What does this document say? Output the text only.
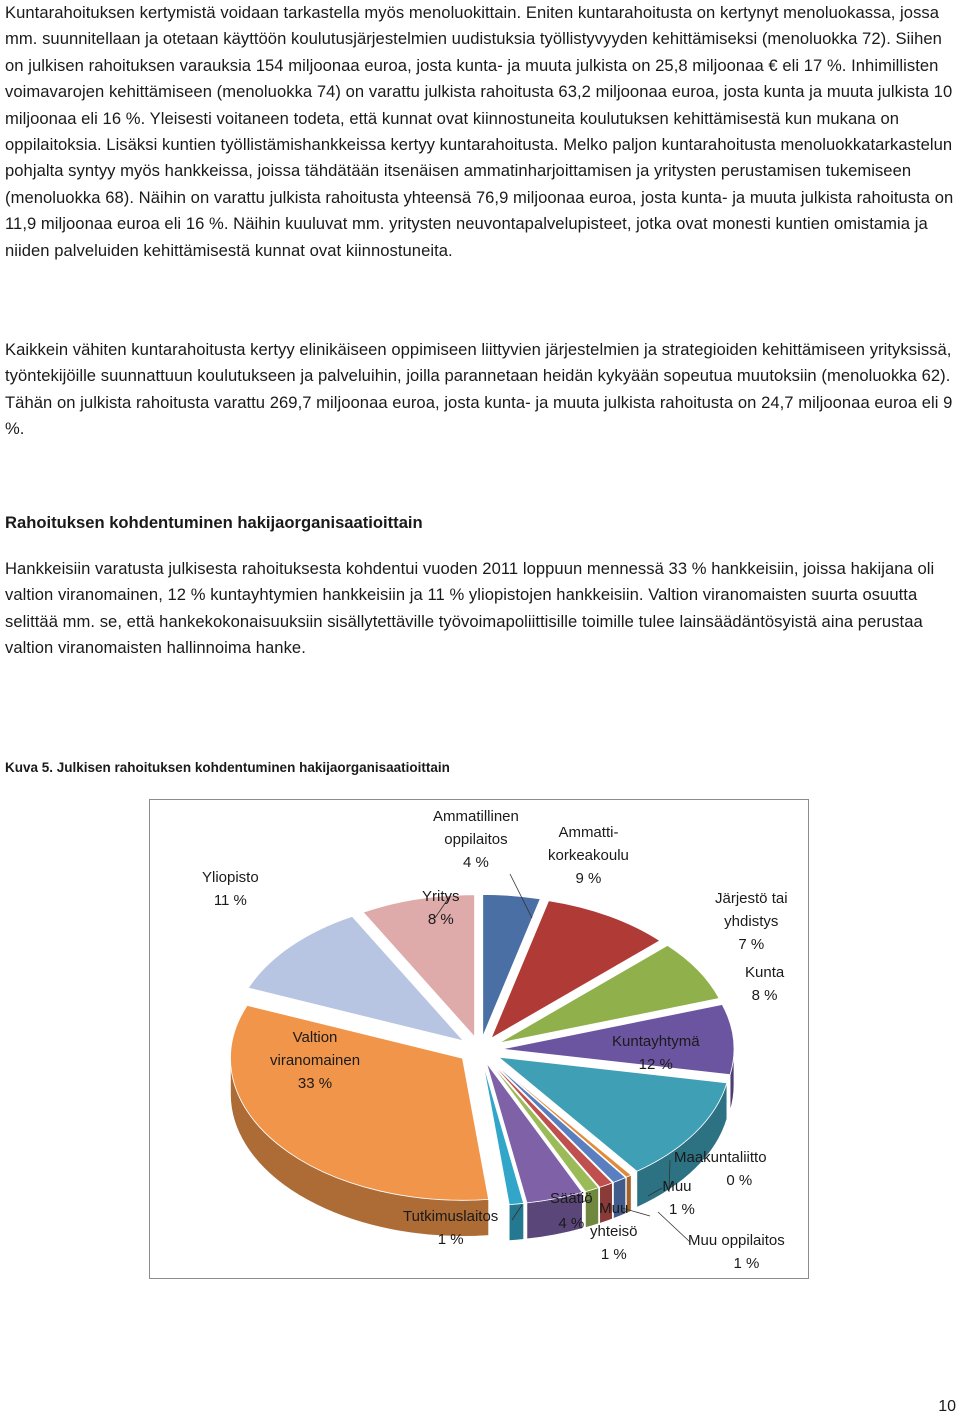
Kuntarahoituksen kertymistä voidaan tarkastella myös menoluokittain. Eniten kuntarahoitusta on kertynyt menoluokassa, jossa mm. suunnitellaan ja otetaan käyttöön koulutusjärjestelmien uudistuksia työllistyvyyden kehittämiseksi (menoluokka 72). Siihen on julkisen rahoituksen varauksia 154 miljoonaa euroa, josta kunta- ja muuta julkista on 25,8 miljoonaa € eli 17 %. Inhimillisten voimavarojen kehittämiseen (menoluokka 74) on varattu julkista rahoitusta 63,2 miljoonaa euroa, josta kunta ja muuta julkista 10 miljoonaa eli 16 %. Yleisesti voitaneen todeta, että kunnat ovat kiinnostuneita koulutuksen kehittämisestä kun mukana on oppilaitoksia. Lisäksi kuntien työllistämishankkeissa kertyy kuntarahoitusta. Melko paljon kuntarahoitusta menoluokkatarkastelun pohjalta syntyy myös hankkeissa, joissa tähdätään itsenäisen ammatinharjoittamisen ja yritysten perustamisen tukemiseen (menoluokka 68). Näihin on varattu julkista rahoitusta yhteensä 76,9 miljoonaa euroa, josta kunta- ja muuta julkista rahoitusta on 11,9 miljoonaa euroa eli 16 %. Näihin kuuluvat mm. yritysten neuvontapalvelupisteet, jotka ovat monesti kuntien omistamia ja niiden palveluiden kehittämisestä kunnat ovat kiinnostuneita.

Kaikkein vähiten kuntarahoitusta kertyy elinikäiseen oppimiseen liittyvien järjestelmien ja strategioiden kehittämiseen yrityksissä, työntekijöille suunnattuun koulutukseen ja palveluihin, joilla parannetaan heidän kykyään sopeutua muutoksiin (menoluokka 62). Tähän on julkista rahoitusta varattu 269,7 miljoonaa euroa, josta kunta- ja muuta julkista rahoitusta on 24,7 miljoonaa euroa eli 9 %.

Rahoituksen kohdentuminen hakijaorganisaatioittain

Hankkeisiin varatusta julkisesta rahoituksesta kohdentui vuoden 2011 loppuun mennessä 33 % hankkeisiin, joissa hakijana oli valtion viranomainen, 12 % kuntayhtymien hankkeisiin ja 11 % yliopistojen hankkeisiin. Valtion viranomaisten suurta osuutta selittää mm. se, että hankekokonaisuuksiin sisällytettäville työvoimapoliittisille toimille tulee lainsäädäntösyistä aina perustaa valtion viranomaisten hallinnoima hanke.

Kuva 5. Julkisen rahoituksen kohdentuminen hakijaorganisaatioittain

Yliopisto
11 %	Yritys
8 %
Ammatillinen
oppilaitos
4 %
Ammatti-
korkeakoulu
9 %
Järjestö tai
yhdistys
7 %
Kunta
8 %
Kuntayhtymä
12 %
Valtion
viranomainen
33 %
Maakuntaliitto
0 %
Muu
1 %
Muu oppilaitos
1 %
Muu
yhteisö
1 %
Säätiö
4 %
Tutkimuslaitos
1 %

10
